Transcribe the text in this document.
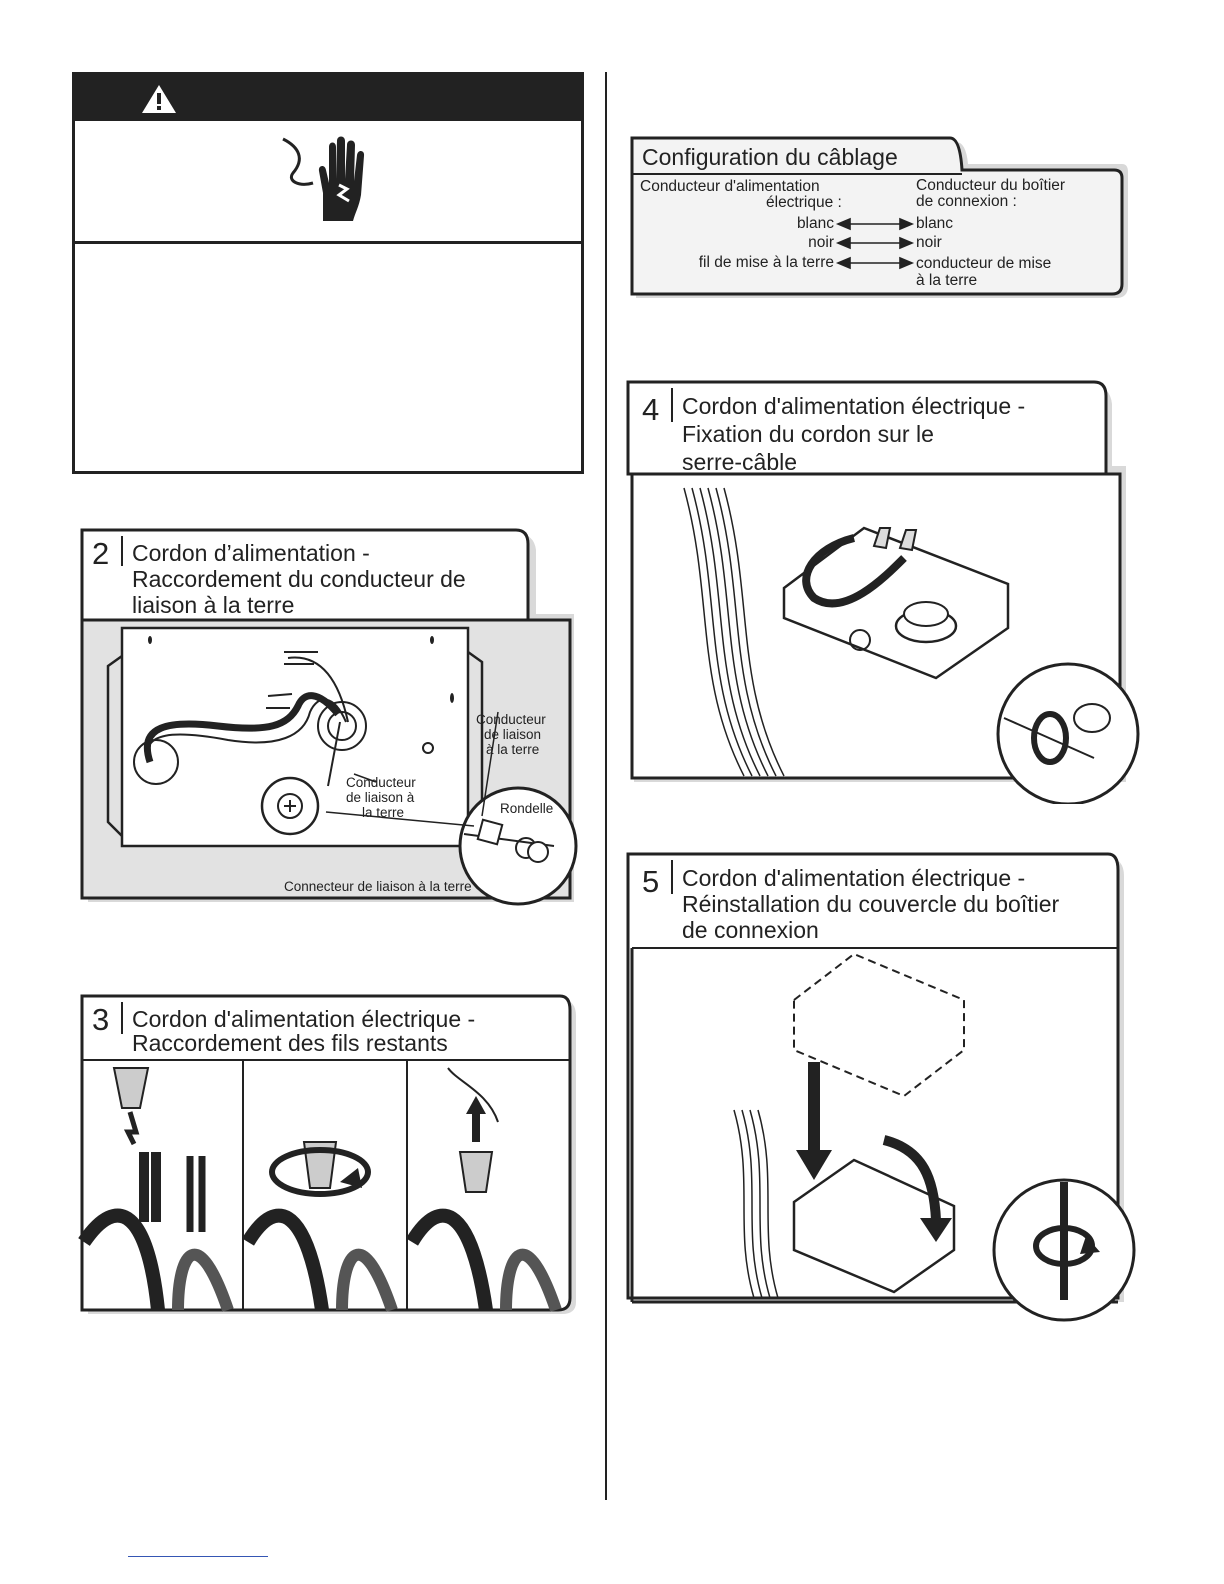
Configuration du câblage
Conducteur d'alimentation
électrique :
Conducteur du boîtier
de connexion :
blanc	blanc
noir	noir
fil de mise à la terre	conducteur de mise
à la terre
2 Cordon d’alimentation -
Raccordement du conducteur de
liaison à la terre
Conducteur
de liaison
à la terre
Conducteur
de liaison à
la terre	Rondelle
Connecteur de liaison à la terre
3 Cordon d'alimentation électrique -
Raccordement des fils restants
4 Cordon d'alimentation électrique -
Fixation du cordon sur le
serre-câble
5 Cordon d'alimentation électrique -
Réinstallation du couvercle du boîtier
de connexion
